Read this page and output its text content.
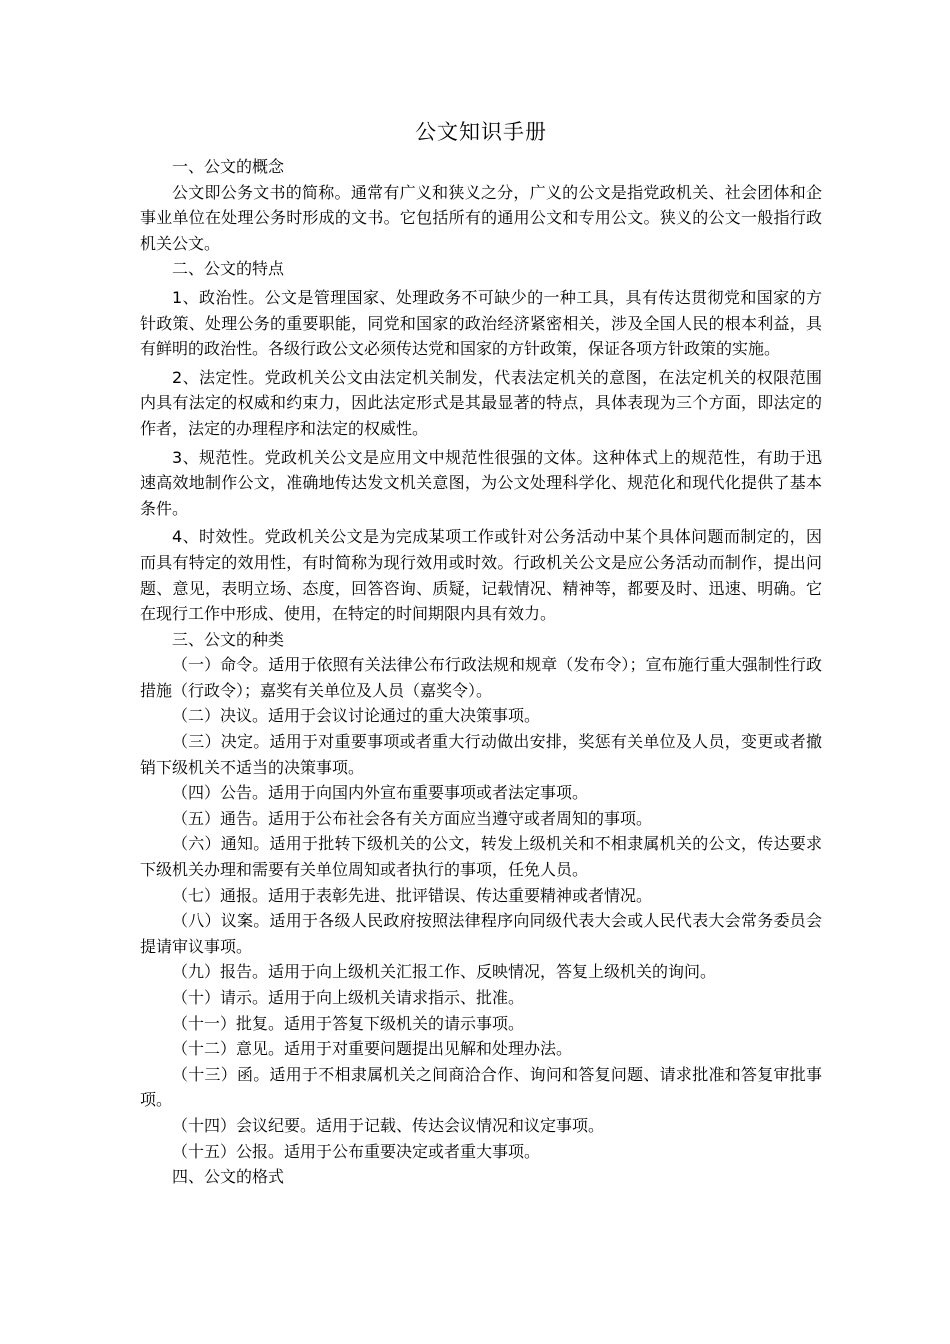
公文知识手册

一、公文的概念

公文即公务文书的简称。通常有广义和狭义之分，广义的公文是指党政机关、社会团体和企事业单位在处理公务时形成的文书。它包括所有的通用公文和专用公文。狭义的公文一般指行政机关公文。

二、公文的特点

1、政治性。公文是管理国家、处理政务不可缺少的一种工具，具有传达贯彻党和国家的方针政策、处理公务的重要职能，同党和国家的政治经济紧密相关，涉及全国人民的根本利益，具有鲜明的政治性。各级行政公文必须传达党和国家的方针政策，保证各项方针政策的实施。

2、法定性。党政机关公文由法定机关制发，代表法定机关的意图，在法定机关的权限范围内具有法定的权威和约束力，因此法定形式是其最显著的特点，具体表现为三个方面，即法定的作者，法定的办理程序和法定的权威性。

3、规范性。党政机关公文是应用文中规范性很强的文体。这种体式上的规范性，有助于迅速高效地制作公文，准确地传达发文机关意图，为公文处理科学化、规范化和现代化提供了基本条件。

4、时效性。党政机关公文是为完成某项工作或针对公务活动中某个具体问题而制定的，因而具有特定的效用性，有时简称为现行效用或时效。行政机关公文是应公务活动而制作，提出问题、意见，表明立场、态度，回答咨询、质疑，记载情况、精神等，都要及时、迅速、明确。它在现行工作中形成、使用，在特定的时间期限内具有效力。

三、公文的种类

（一）命令。适用于依照有关法律公布行政法规和规章（发布令）；宣布施行重大强制性行政措施（行政令）；嘉奖有关单位及人员（嘉奖令）。

（二）决议。适用于会议讨论通过的重大决策事项。

（三）决定。适用于对重要事项或者重大行动做出安排，奖惩有关单位及人员，变更或者撤销下级机关不适当的决策事项。

（四）公告。适用于向国内外宣布重要事项或者法定事项。

（五）通告。适用于公布社会各有关方面应当遵守或者周知的事项。

（六）通知。适用于批转下级机关的公文，转发上级机关和不相隶属机关的公文，传达要求下级机关办理和需要有关单位周知或者执行的事项，任免人员。

（七）通报。适用于表彰先进、批评错误、传达重要精神或者情况。

（八）议案。适用于各级人民政府按照法律程序向同级代表大会或人民代表大会常务委员会提请审议事项。

（九）报告。适用于向上级机关汇报工作、反映情况，答复上级机关的询问。

（十）请示。适用于向上级机关请求指示、批准。

（十一）批复。适用于答复下级机关的请示事项。

（十二）意见。适用于对重要问题提出见解和处理办法。

（十三）函。适用于不相隶属机关之间商洽合作、询问和答复问题、请求批准和答复审批事项。

（十四）会议纪要。适用于记载、传达会议情况和议定事项。

（十五）公报。适用于公布重要决定或者重大事项。

四、公文的格式
